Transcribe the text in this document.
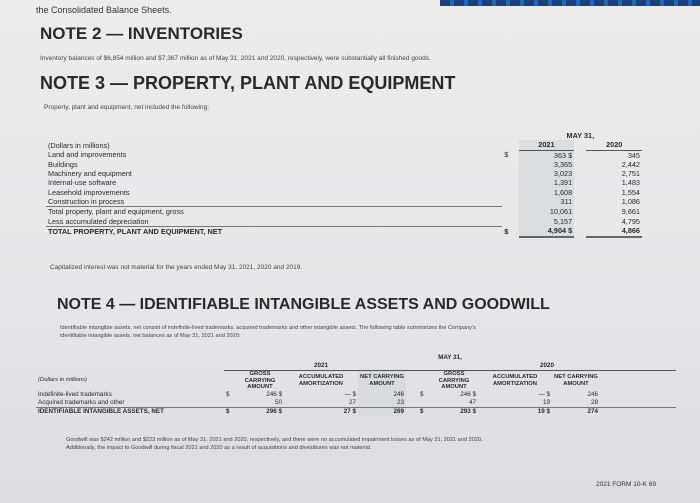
the Consolidated Balance Sheets.
NOTE 2 — INVENTORIES
Inventory balances of $6,854 million and $7,367 million as of May 31, 2021 and 2020, respectively, were substantially all finished goods.
NOTE 3 — PROPERTY, PLANT AND EQUIPMENT
Property, plant and equipment, net included the following:
		MAY 31,		
(Dollars in millions)		2021		2020
Land and improvements	$	363 $		345
Buildings		3,365		2,442
Machinery and equipment		3,023		2,751
Internal-use software		1,391		1,483
Leasehold improvements		1,608		1,554
Construction in process		311		1,086
Total property, plant and equipment, gross		10,061		9,661
Less accumulated depreciation		5,157		4,795
TOTAL PROPERTY, PLANT AND EQUIPMENT, NET	$	4,904 $		4,866
Capitalized interest was not material for the years ended May 31, 2021, 2020 and 2019.
NOTE 4 — IDENTIFIABLE INTANGIBLE ASSETS AND GOODWILL
Identifiable intangible assets, net consist of indefinite-lived trademarks, acquired trademarks and other intangible assets. The following table summarizes the Company's
identifiable intangible assets, net balances as of May 31, 2021 and 2020:
	MAY 31,									
	2021					2020				
(Dollars in millions)		GROSS CARRYING AMOUNT	ACCUMULATED AMORTIZATION	NET CARRYING AMOUNT			GROSS CARRYING AMOUNT	ACCUMULATED AMORTIZATION	NET CARRYING AMOUNT	
Indefinite-lived trademarks	$	246 $	— $	246		$	246 $	— $	246	
Acquired trademarks and other		50	27	23			47	19	28	
IDENTIFIABLE INTANGIBLE ASSETS, NET	$	296 $	27 $	269		$	293 $	19 $	274	
Goodwill was $242 million and $223 million as of May 31, 2021 and 2020, respectively, and there were no accumulated impairment losses as of May 31, 2021 and 2020.
Additionally, the impact to Goodwill during fiscal 2021 and 2020 as a result of acquisitions and divestitures was not material.
2021 FORM 10-K 69
